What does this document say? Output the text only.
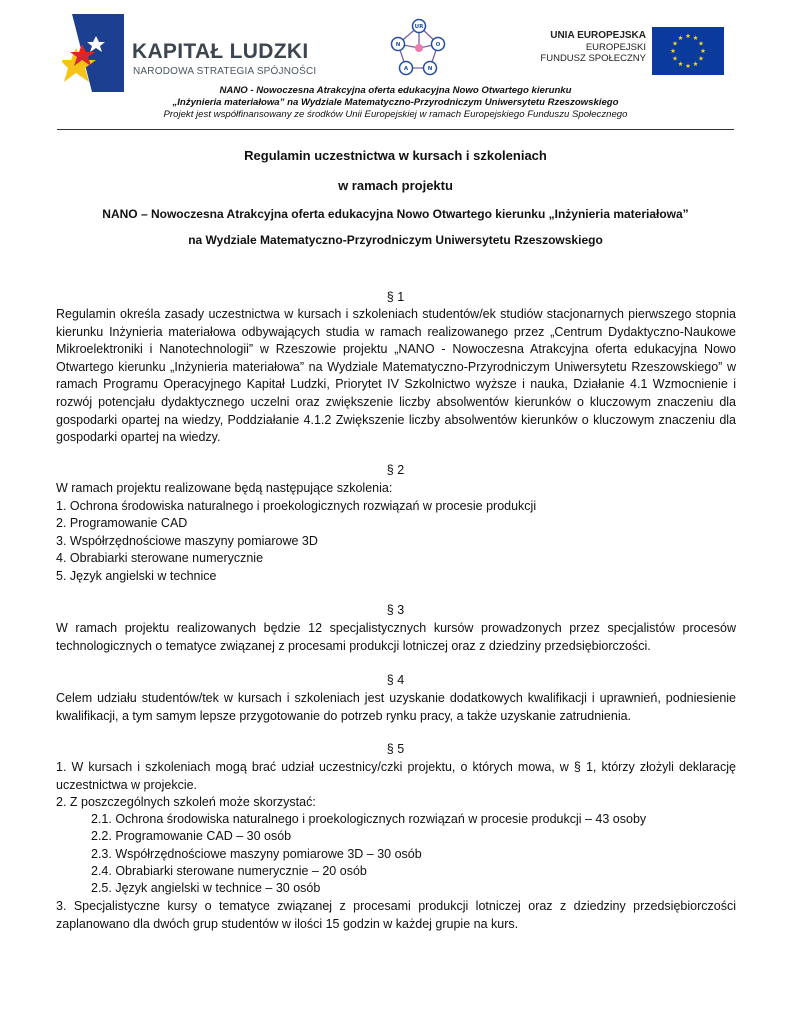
KAPITAŁ LUDZKI
NARODOWA STRATEGIA SPÓJNOŚCI
UR
N	O
A	N
UNIA EUROPEJSKA
EUROPEJSKI
FUNDUSZ SPOŁECZNY
NANO - Nowoczesna Atrakcyjna oferta edukacyjna Nowo Otwartego kierunku
„Inżynieria materiałowa” na Wydziale Matematyczno-Przyrodniczym Uniwersytetu Rzeszowskiego
Projekt jest współfinansowany ze środków Unii Europejskiej w ramach Europejskiego Funduszu Społecznego
Regulamin uczestnictwa w kursach i szkoleniach
w ramach projektu
NANO – Nowoczesna Atrakcyjna oferta edukacyjna Nowo Otwartego kierunku „Inżynieria materiałowa”
na Wydziale Matematyczno-Przyrodniczym Uniwersytetu Rzeszowskiego
§ 1
Regulamin określa zasady uczestnictwa w kursach i szkoleniach studentów/ek studiów stacjonarnych pierwszego stopnia kierunku Inżynieria materiałowa odbywających studia w ramach realizowanego przez „Centrum Dydaktyczno-Naukowe Mikroelektroniki i Nanotechnologii” w Rzeszowie projektu „NANO - Nowoczesna Atrakcyjna oferta edukacyjna Nowo Otwartego kierunku „Inżynieria materiałowa” na Wydziale Matematyczno-Przyrodniczym Uniwersytetu Rzeszowskiego” w ramach Programu Operacyjnego Kapitał Ludzki, Priorytet IV Szkolnictwo wyższe i nauka, Działanie 4.1 Wzmocnienie i rozwój potencjału dydaktycznego uczelni oraz zwiększenie liczby absolwentów kierunków o kluczowym znaczeniu dla gospodarki opartej na wiedzy, Poddziałanie 4.1.2 Zwiększenie liczby absolwentów kierunków o kluczowym znaczeniu dla gospodarki opartej na wiedzy.
§ 2
W ramach projektu realizowane będą następujące szkolenia:
1. Ochrona środowiska naturalnego i proekologicznych rozwiązań w procesie produkcji
2. Programowanie CAD
3. Współrzędnościowe maszyny pomiarowe 3D
4. Obrabiarki sterowane numerycznie
5. Język angielski w technice
§ 3
W ramach projektu realizowanych będzie 12 specjalistycznych kursów prowadzonych przez specjalistów procesów technologicznych o tematyce związanej z procesami produkcji lotniczej oraz z dziedziny przedsiębiorczości.
§ 4
Celem udziału studentów/tek w kursach i szkoleniach jest uzyskanie dodatkowych kwalifikacji i uprawnień, podniesienie kwalifikacji, a tym samym lepsze przygotowanie do potrzeb rynku pracy, a także uzyskanie zatrudnienia.
§ 5
1. W kursach i szkoleniach mogą brać udział uczestnicy/czki projektu, o których mowa, w § 1, którzy złożyli deklarację uczestnictwa w projekcie.
2. Z poszczególnych szkoleń może skorzystać:
2.1. Ochrona środowiska naturalnego i proekologicznych rozwiązań w procesie produkcji – 43 osoby
2.2. Programowanie CAD – 30 osób
2.3. Współrzędnościowe maszyny pomiarowe 3D – 30 osób
2.4. Obrabiarki sterowane numerycznie – 20 osób
2.5. Język angielski w technice – 30 osób
3. Specjalistyczne kursy o tematyce związanej z procesami produkcji lotniczej oraz z dziedziny przedsiębiorczości zaplanowano dla dwóch grup studentów w ilości 15 godzin w każdej grupie na kurs.
